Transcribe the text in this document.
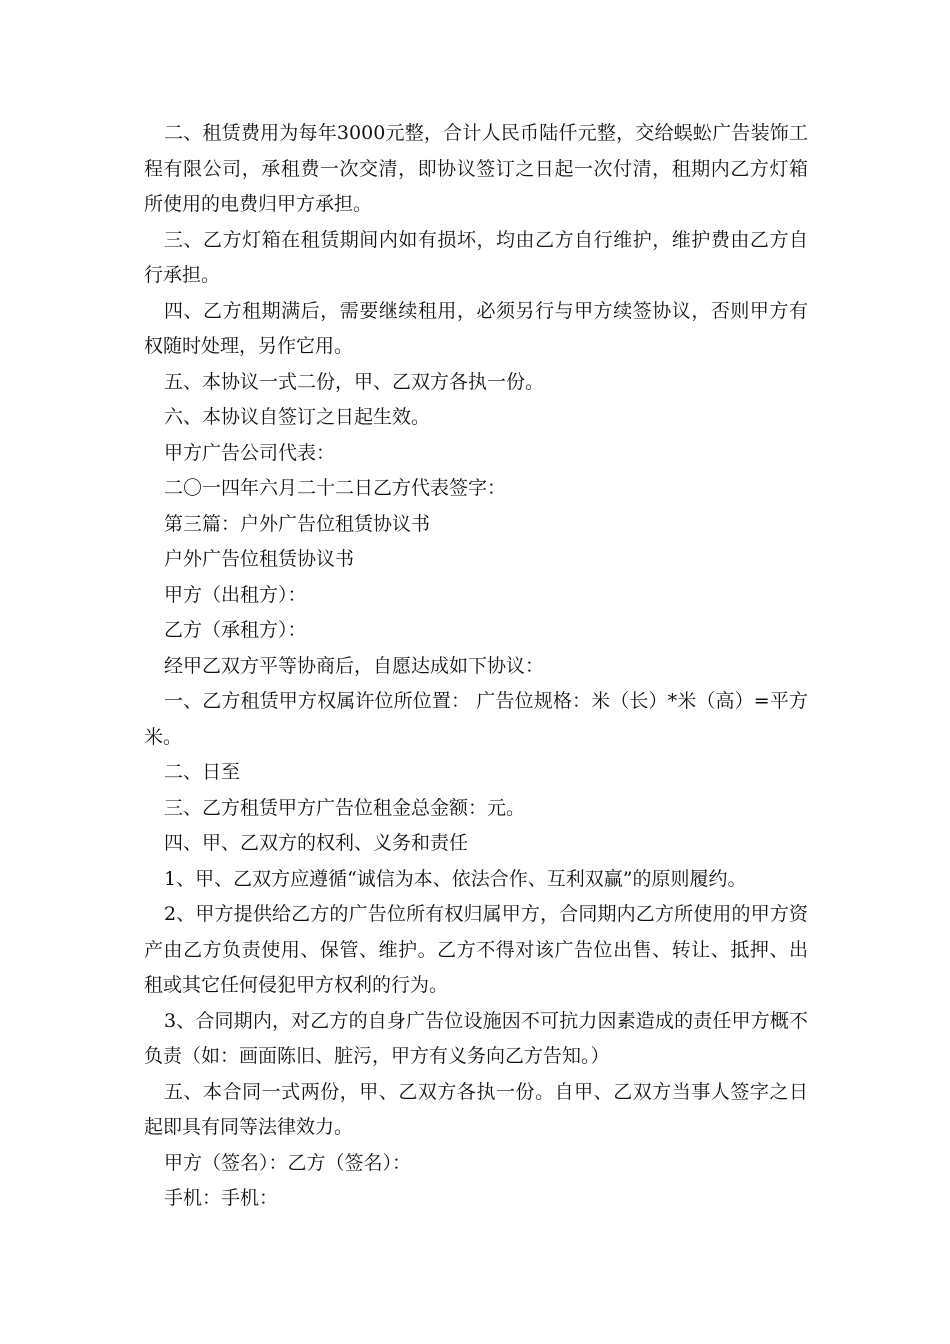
二、租赁费用为每年3000元整，合计人民币陆仟元整，交给蜈蚣广告装饰工程有限公司，承租费一次交清，即协议签订之日起一次付清，租期内乙方灯箱所使用的电费归甲方承担。

三、乙方灯箱在租赁期间内如有损坏，均由乙方自行维护，维护费由乙方自行承担。

四、乙方租期满后，需要继续租用，必须另行与甲方续签协议，否则甲方有权随时处理，另作它用。

五、本协议一式二份，甲、乙双方各执一份。

六、本协议自签订之日起生效。

甲方广告公司代表：

二〇一四年六月二十二日乙方代表签字：

第三篇：户外广告位租赁协议书

户外广告位租赁协议书

甲方（出租方）：

乙方（承租方）：

经甲乙双方平等协商后，自愿达成如下协议：

一、乙方租赁甲方权属许位所位置： 广告位规格：米（长）*米（高）=平方米。

二、日至

三、乙方租赁甲方广告位租金总金额：元。

四、甲、乙双方的权利、义务和责任

1、甲、乙双方应遵循“诚信为本、依法合作、互利双赢”的原则履约。

2、甲方提供给乙方的广告位所有权归属甲方，合同期内乙方所使用的甲方资产由乙方负责使用、保管、维护。乙方不得对该广告位出售、转让、抵押、出租或其它任何侵犯甲方权利的行为。

3、合同期内，对乙方的自身广告位设施因不可抗力因素造成的责任甲方概不负责（如：画面陈旧、脏污，甲方有义务向乙方告知。）

五、本合同一式两份，甲、乙双方各执一份。自甲、乙双方当事人签字之日起即具有同等法律效力。

甲方（签名）：乙方（签名）：

手机：手机：
